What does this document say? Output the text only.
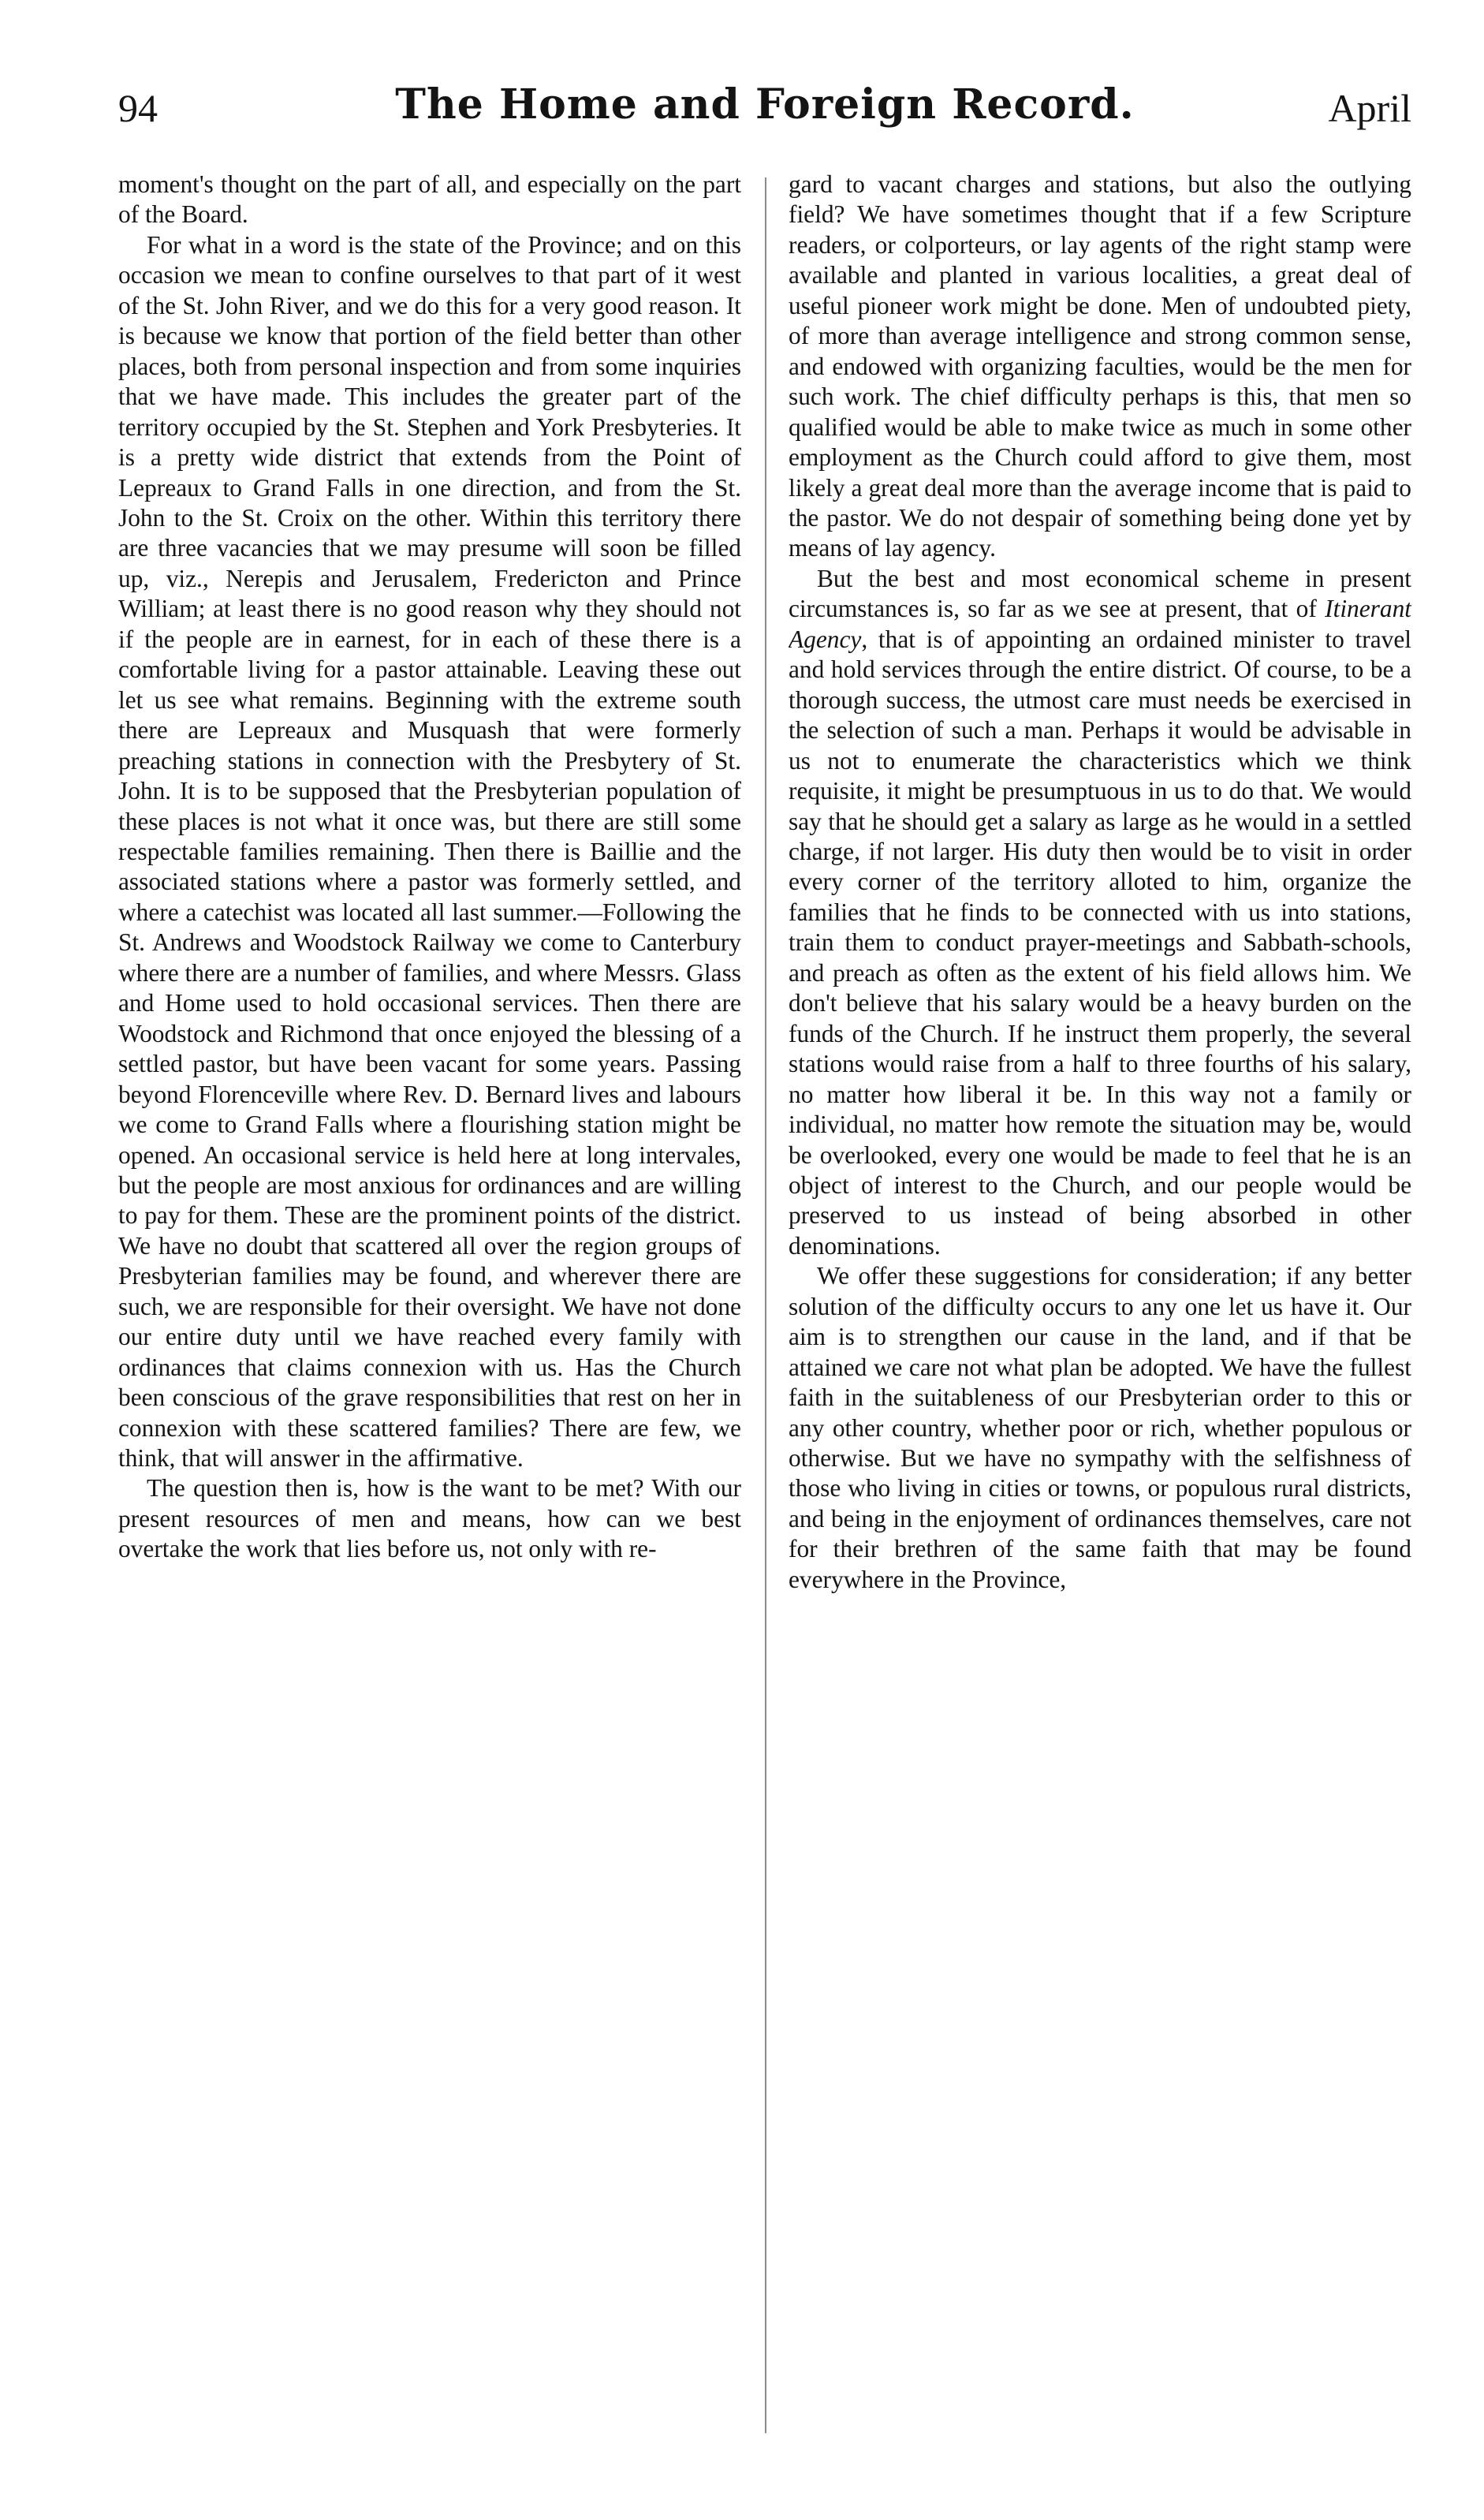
94	The Home and Foreign Record.	April

moment's thought on the part of all, and especially on the part of the Board.

For what in a word is the state of the Province; and on this occasion we mean to confine ourselves to that part of it west of the St. John River, and we do this for a very good reason. It is because we know that portion of the field better than other places, both from personal inspection and from some inquiries that we have made. This includes the greater part of the territory occupied by the St. Stephen and York Presbyteries. It is a pretty wide district that extends from the Point of Lepreaux to Grand Falls in one direction, and from the St. John to the St. Croix on the other. Within this territory there are three vacancies that we may presume will soon be filled up, viz., Nerepis and Jerusalem, Fredericton and Prince William; at least there is no good reason why they should not if the people are in earnest, for in each of these there is a comfortable living for a pastor attainable. Leaving these out let us see what remains. Beginning with the extreme south there are Lepreaux and Musquash that were formerly preaching stations in connection with the Presbytery of St. John. It is to be supposed that the Presbyterian population of these places is not what it once was, but there are still some respectable families remaining. Then there is Baillie and the associated stations where a pastor was formerly settled, and where a catechist was located all last summer.—Following the St. Andrews and Woodstock Railway we come to Canterbury where there are a number of families, and where Messrs. Glass and Home used to hold occasional services. Then there are Woodstock and Richmond that once enjoyed the blessing of a settled pastor, but have been vacant for some years. Passing beyond Florenceville where Rev. D. Bernard lives and labours we come to Grand Falls where a flourishing station might be opened. An occasional service is held here at long intervales, but the people are most anxious for ordinances and are willing to pay for them. These are the prominent points of the district. We have no doubt that scattered all over the region groups of Presbyterian families may be found, and wherever there are such, we are responsible for their oversight. We have not done our entire duty until we have reached every family with ordinances that claims connexion with us. Has the Church been conscious of the grave responsibilities that rest on her in connexion with these scattered families? There are few, we think, that will answer in the affirmative.

The question then is, how is the want to be met? With our present resources of men and means, how can we best overtake the work that lies before us, not only with re-

gard to vacant charges and stations, but also the outlying field? We have sometimes thought that if a few Scripture readers, or colporteurs, or lay agents of the right stamp were available and planted in various localities, a great deal of useful pioneer work might be done. Men of undoubted piety, of more than average intelligence and strong common sense, and endowed with organizing faculties, would be the men for such work. The chief difficulty perhaps is this, that men so qualified would be able to make twice as much in some other employment as the Church could afford to give them, most likely a great deal more than the average income that is paid to the pastor. We do not despair of something being done yet by means of lay agency.

But the best and most economical scheme in present circumstances is, so far as we see at present, that of Itinerant Agency, that is of appointing an ordained minister to travel and hold services through the entire district. Of course, to be a thorough success, the utmost care must needs be exercised in the selection of such a man. Perhaps it would be advisable in us not to enumerate the characteristics which we think requisite, it might be presumptuous in us to do that. We would say that he should get a salary as large as he would in a settled charge, if not larger. His duty then would be to visit in order every corner of the territory alloted to him, organize the families that he finds to be connected with us into stations, train them to conduct prayer-meetings and Sabbath-schools, and preach as often as the extent of his field allows him. We don't believe that his salary would be a heavy burden on the funds of the Church. If he instruct them properly, the several stations would raise from a half to three fourths of his salary, no matter how liberal it be. In this way not a family or individual, no matter how remote the situation may be, would be overlooked, every one would be made to feel that he is an object of interest to the Church, and our people would be preserved to us instead of being absorbed in other denominations.

We offer these suggestions for consideration; if any better solution of the difficulty occurs to any one let us have it. Our aim is to strengthen our cause in the land, and if that be attained we care not what plan be adopted. We have the fullest faith in the suitableness of our Presbyterian order to this or any other country, whether poor or rich, whether populous or otherwise. But we have no sympathy with the selfishness of those who living in cities or towns, or populous rural districts, and being in the enjoyment of ordinances themselves, care not for their brethren of the same faith that may be found everywhere in the Province,
